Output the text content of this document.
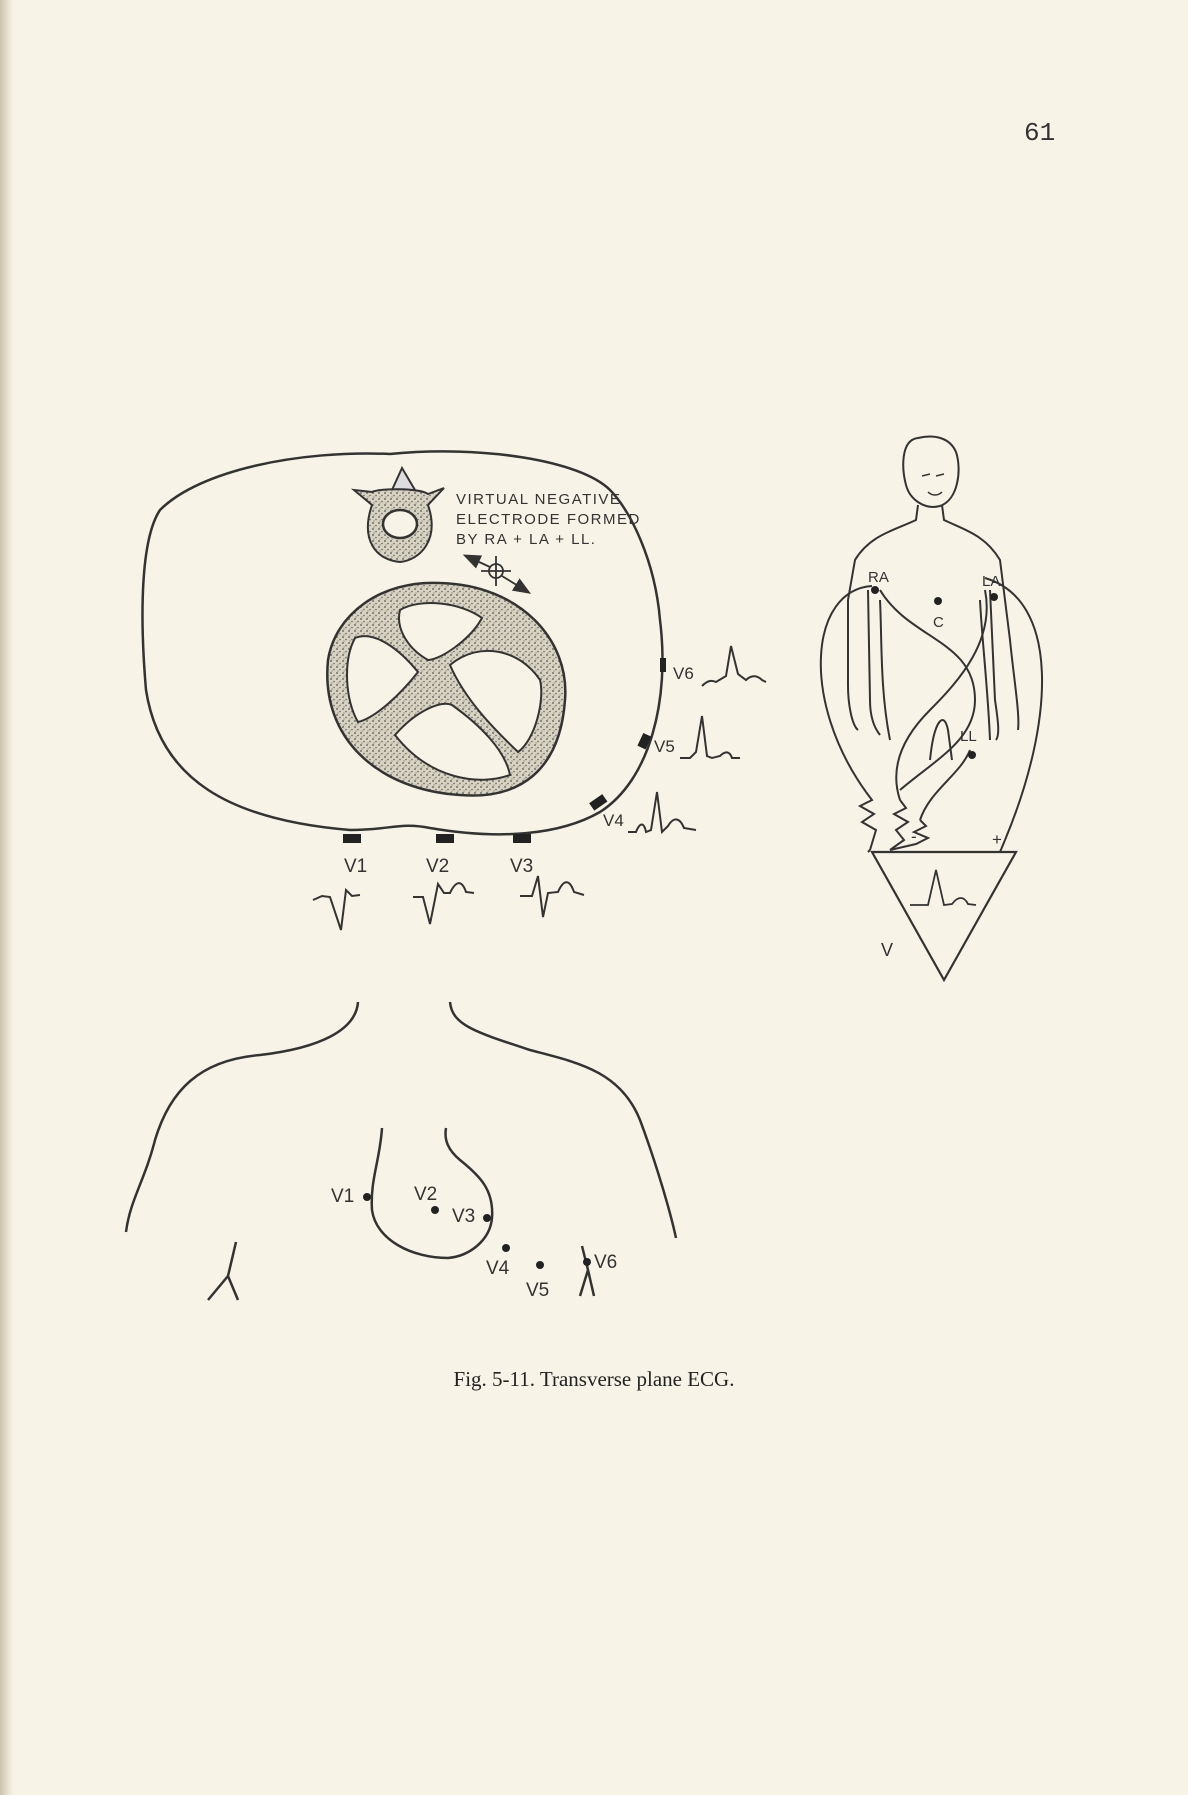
61
VIRTUAL NEGATIVE
ELECTRODE FORMED
BY RA + LA + LL.
V1	V2	V3
V4
V5
V6
RA	LA
C
LL
-	+
V
V1	V2
V3
V4
V5
V6
Fig. 5-11. Transverse plane ECG.
